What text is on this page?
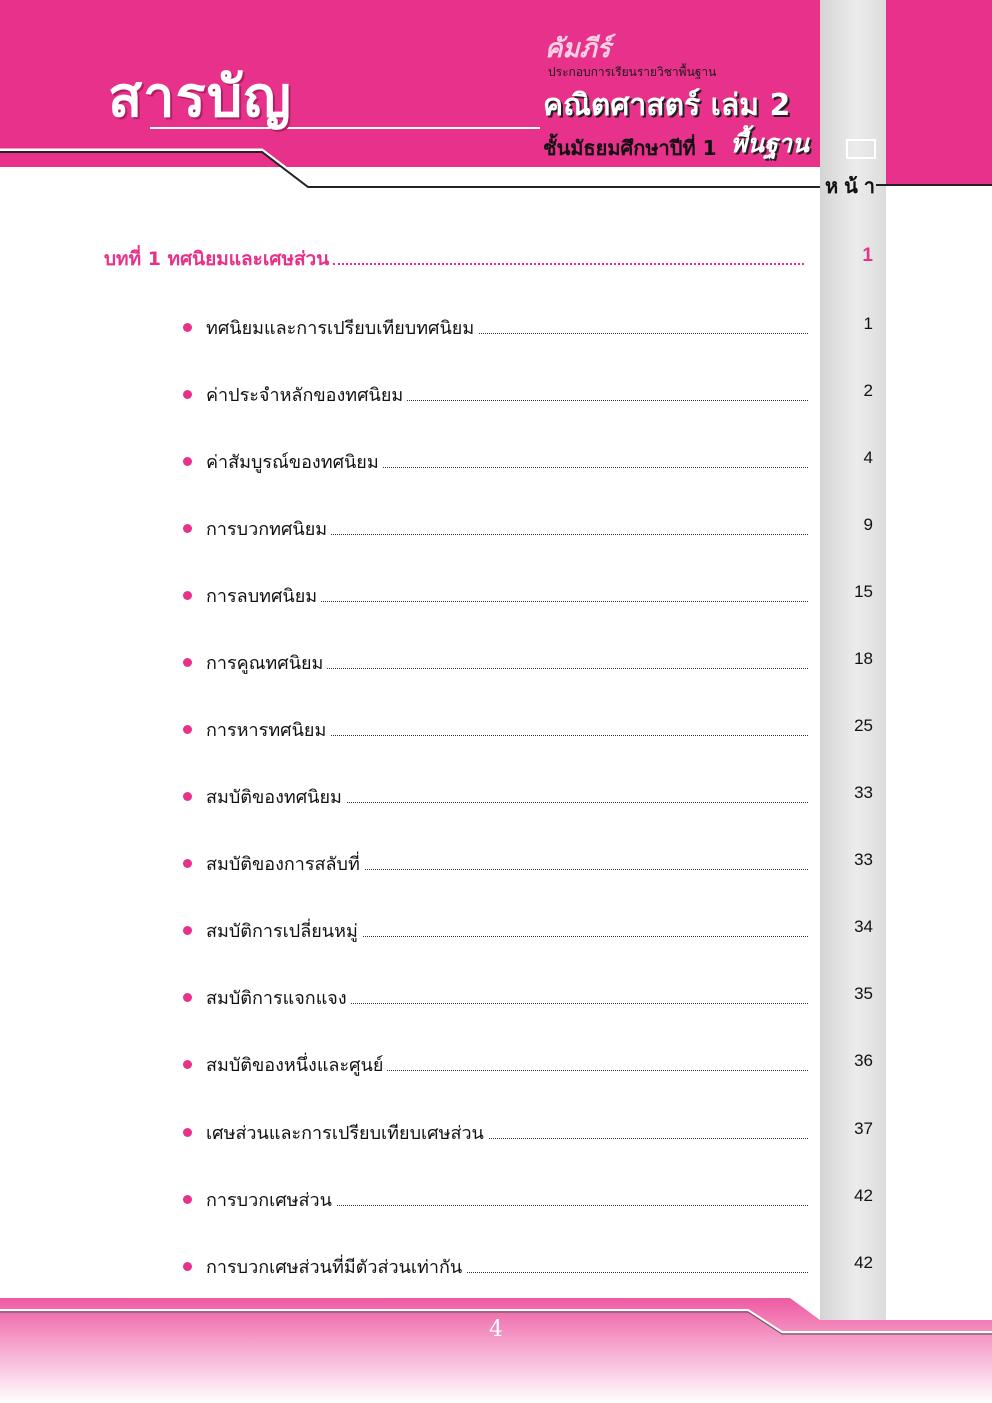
สารบัญ
คัมภีร์
ประกอบการเรียนรายวิชาพื้นฐาน
คณิตศาสตร์ เล่ม 2
ชั้นมัธยมศึกษาปีที่ 1 พื้นฐาน
หน้า
บทที่ 1 ทศนิยมและเศษส่วน	1
ทศนิยมและการเปรียบเทียบทศนิยม	1
ค่าประจำหลักของทศนิยม	2
ค่าสัมบูรณ์ของทศนิยม	4
การบวกทศนิยม	9
การลบทศนิยม	15
การคูณทศนิยม	18
การหารทศนิยม	25
สมบัติของทศนิยม	33
สมบัติของการสลับที่	33
สมบัติการเปลี่ยนหมู่	34
สมบัติการแจกแจง	35
สมบัติของหนึ่งและศูนย์	36
เศษส่วนและการเปรียบเทียบเศษส่วน	37
การบวกเศษส่วน	42
การบวกเศษส่วนที่มีตัวส่วนเท่ากัน	42
4
